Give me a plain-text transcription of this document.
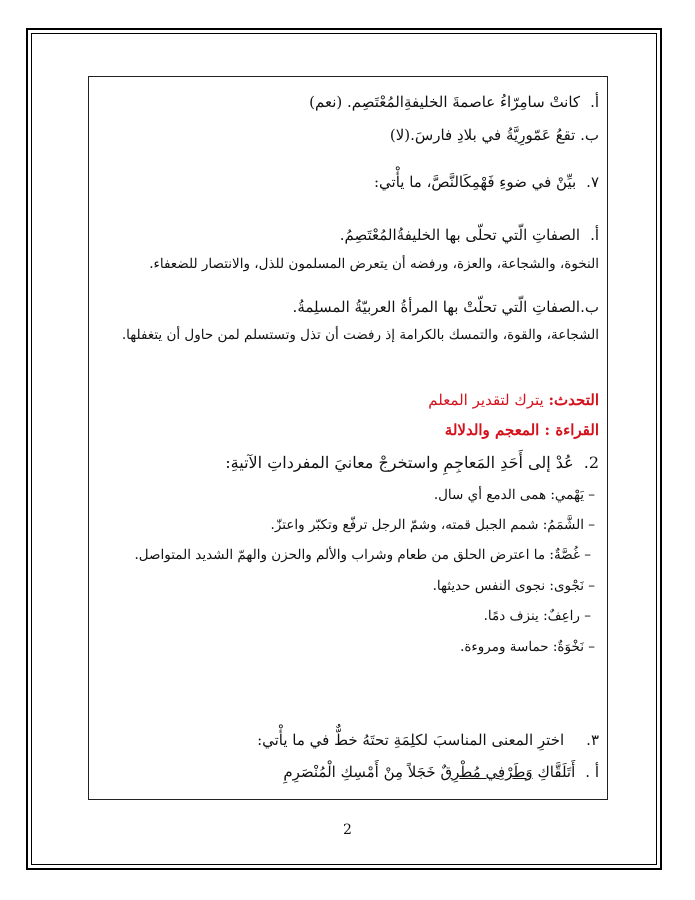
أ.كانتْ سامِرّاءُ عاصمةَ الخليفةِالمُعْتَصِم. (نعم)
ب. تقعُ عَمّورِيَّةُ في بلادِ فارسَ.(لا)
٧.بيِّنْ في ضوءِ فَهْمِكَالنَّصَّ، ما يأْتي:
أ.الصفاتِ الّتي تحلّى بها الخليفةُالمُعْتَصِمُ.
النخوة، والشجاعة، والعزة، ورفضه أن يتعرض المسلمون للذل، والانتصار للضعفاء.
ب.الصفاتِ الّتي تحلّتْ بها المرأةُ العربيّةُ المسلِمةُ.
الشجاعة، والقوة، والتمسك بالكرامة إذ رفضت أن تذل وتستسلم لمن حاول أن يتغفلها.
التحدث: يترك لتقدير المعلم
القراءة : المعجم والدلالة
2.عُدْ إلى أَحَدِ المَعاجِمِ واستخرجْ معانيَ المفرداتِ الآتيةِ:
– يَهْمي: همى الدمع أي سال.
– الشَّمَمُ: شمم الجبل قمته، وشمّ الرجل ترفّع وتكبّر واعتزّ.
– غُصَّةٌ: ما اعترض الحلق من طعام وشراب والألم والحزن والهمّ الشديد المتواصل.
– نَجْوى: نجوى النفس حديثها.
– راعِفٌ: ينزف دمًا.
– نَخْوَةٌ: حماسة ومروءة.
٣.اخترِ المعنى المناسبَ لكلِمَةِ تحتَهُ خطٌّ في ما يأْتي:
أ .أَتَلَقَّاكِ وَطَرْفِي مُطْرِقٌ خَجَلاً مِنْ أَمْسِكِ الْمُنْصَرِمِ
2
